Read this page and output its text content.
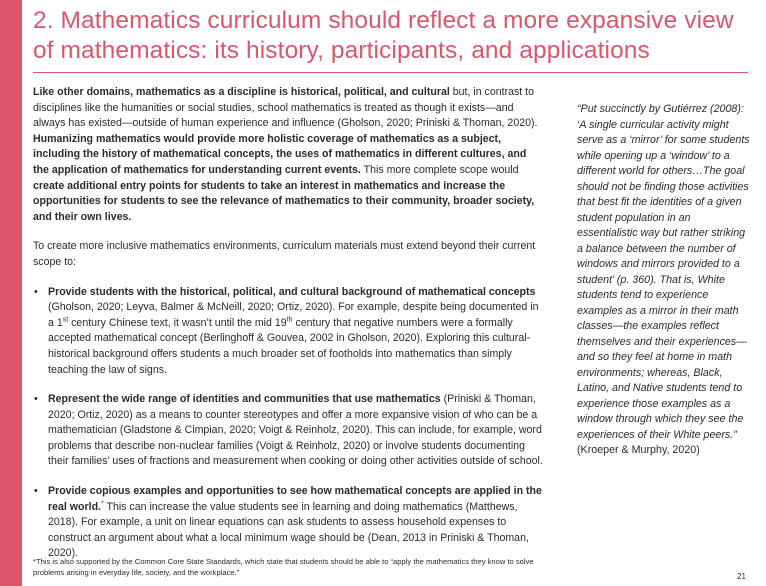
2. Mathematics curriculum should reflect a more expansive view of mathematics: its history, participants, and applications

Like other domains, mathematics as a discipline is historical, political, and cultural but, in contrast to disciplines like the humanities or social studies, school mathematics is treated as though it exists—and always has existed—outside of human experience and influence (Gholson, 2020; Priniski & Thoman, 2020). Humanizing mathematics would provide more holistic coverage of mathematics as a subject, including the history of mathematical concepts, the uses of mathematics in different cultures, and the application of mathematics for understanding current events. This more complete scope would create additional entry points for students to take an interest in mathematics and increase the opportunities for students to see the relevance of mathematics to their community, broader society, and their own lives.

To create more inclusive mathematics environments, curriculum materials must extend beyond their current scope to:

• Provide students with the historical, political, and cultural background of mathematical concepts (Gholson, 2020; Leyva, Balmer & McNeill, 2020; Ortiz, 2020). For example, despite being documented in a 1st century Chinese text, it wasn’t until the mid 19th century that negative numbers were a formally accepted mathematical concept (Berlinghoff & Gouvea, 2002 in Gholson, 2020). Exploring this cultural-historical background offers students a much broader set of footholds into mathematics than simply teaching the law of signs.
• Represent the wide range of identities and communities that use mathematics (Priniski & Thoman, 2020; Ortiz, 2020) as a means to counter stereotypes and offer a more expansive vision of who can be a mathematician (Gladstone & Cimpian, 2020; Voigt & Reinholz, 2020). This can include, for example, word problems that describe non-nuclear families (Voigt & Reinholz, 2020) or involve students documenting their families’ uses of fractions and measurement when cooking or doing other activities outside of school.
• Provide copious examples and opportunities to see how mathematical concepts are applied in the real world.* This can increase the value students see in learning and doing mathematics (Matthews, 2018). For example, a unit on linear equations can ask students to assess household expenses to construct an argument about what a local minimum wage should be (Dean, 2013 in Priniski & Thoman, 2020).
*This is also supported by the Common Core State Standards, which state that students should be able to “apply the mathematics they know to solve problems arising in everyday life, society, and the workplace.”
“Put succinctly by Gutiérrez (2008): ‘A single curricular activity might serve as a ‘mirror’ for some students while opening up a ‘window’ to a different world for others…The goal should not be finding those activities that best fit the identities of a given student population in an essentialistic way but rather striking a balance between the number of windows and mirrors provided to a student’ (p. 360). That is, White students tend to experience examples as a mirror in their math classes—the examples reflect themselves and their experiences—and so they feel at home in math environments; whereas, Black, Latino, and Native students tend to experience those examples as a window through which they see the experiences of their White peers.” (Kroeper & Murphy, 2020)
21
